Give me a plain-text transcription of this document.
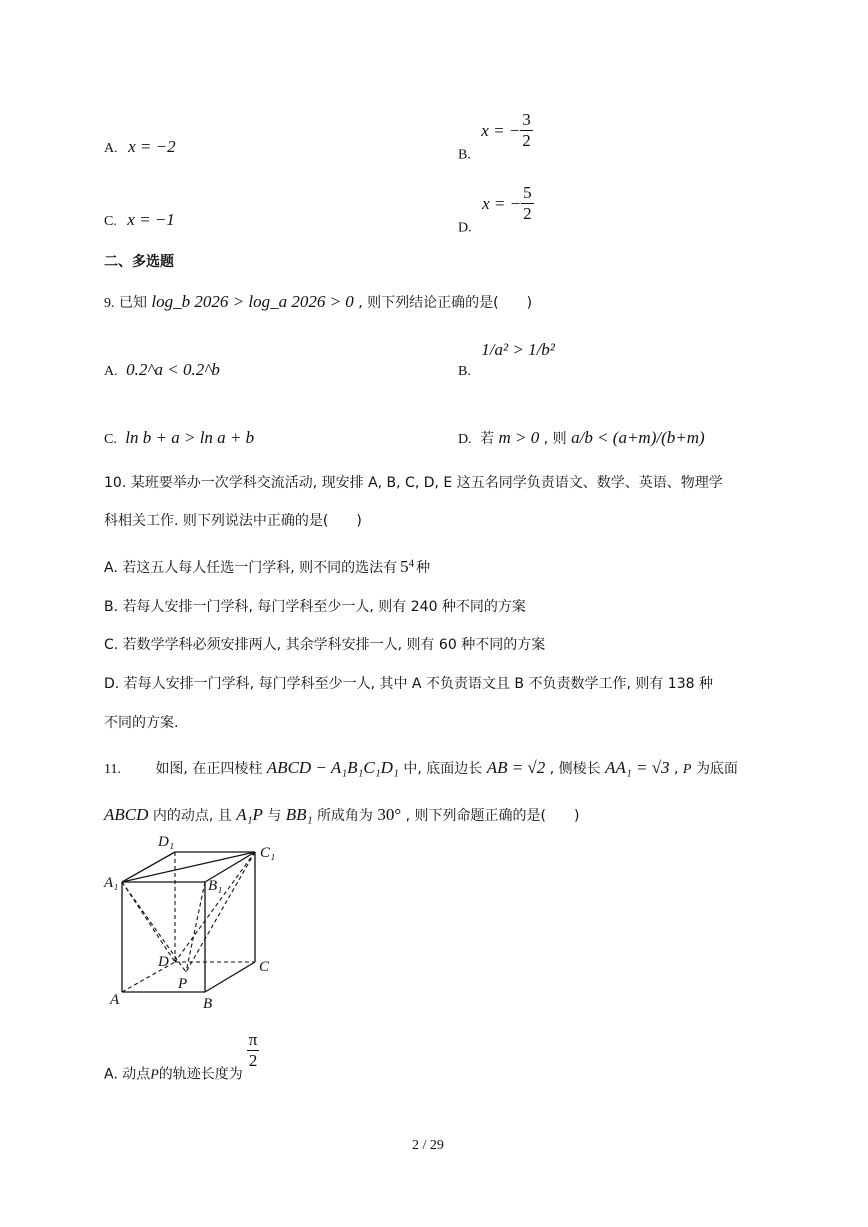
A. x = −2	B. x = − $\frac{3}{2}$
C. x = −1	D. x = − $\frac{5}{2}$
二、多选题
9. 已知 log_b 2026 > log_a 2026 > 0 , 则下列结论正确的是(　　)
A. 0.2^a < 0.2^b	B. 1/a² > 1/b²
C. ln b + a > ln a + b	D. 若 m > 0 , 则 a/b < (a+m)/(b+m)
10. 某班要举办一次学科交流活动, 现安排 A, B, C, D, E 这五名同学负责语文、数学、英语、物理学
科相关工作. 则下列说法中正确的是(　　)
A. 若这五人每人任选一门学科, 则不同的选法有 $5^4$ 种
B. 若每人安排一门学科, 每门学科至少一人, 则有 240 种不同的方案
C. 若数学学科必须安排两人, 其余学科安排一人, 则有 60 种不同的方案
D. 若每人安排一门学科, 每门学科至少一人, 其中 A 不负责语文且 B 不负责数学工作, 则有 138 种
不同的方案.
11. 如图, 在正四棱柱 ABCD − A₁B₁C₁D₁ 中, 底面边长 AB = √2 , 侧棱长 AA₁ = √3 , P 为底面
ABCD 内的动点, 且 A₁P 与 BB₁ 所成角为 30° , 则下列命题正确的是(　　)
D₁
C₁
A₁	B₁
D	C
P
A	B
A. 动点P的轨迹长度为
$\frac{\pi}{2}$
2 / 29
